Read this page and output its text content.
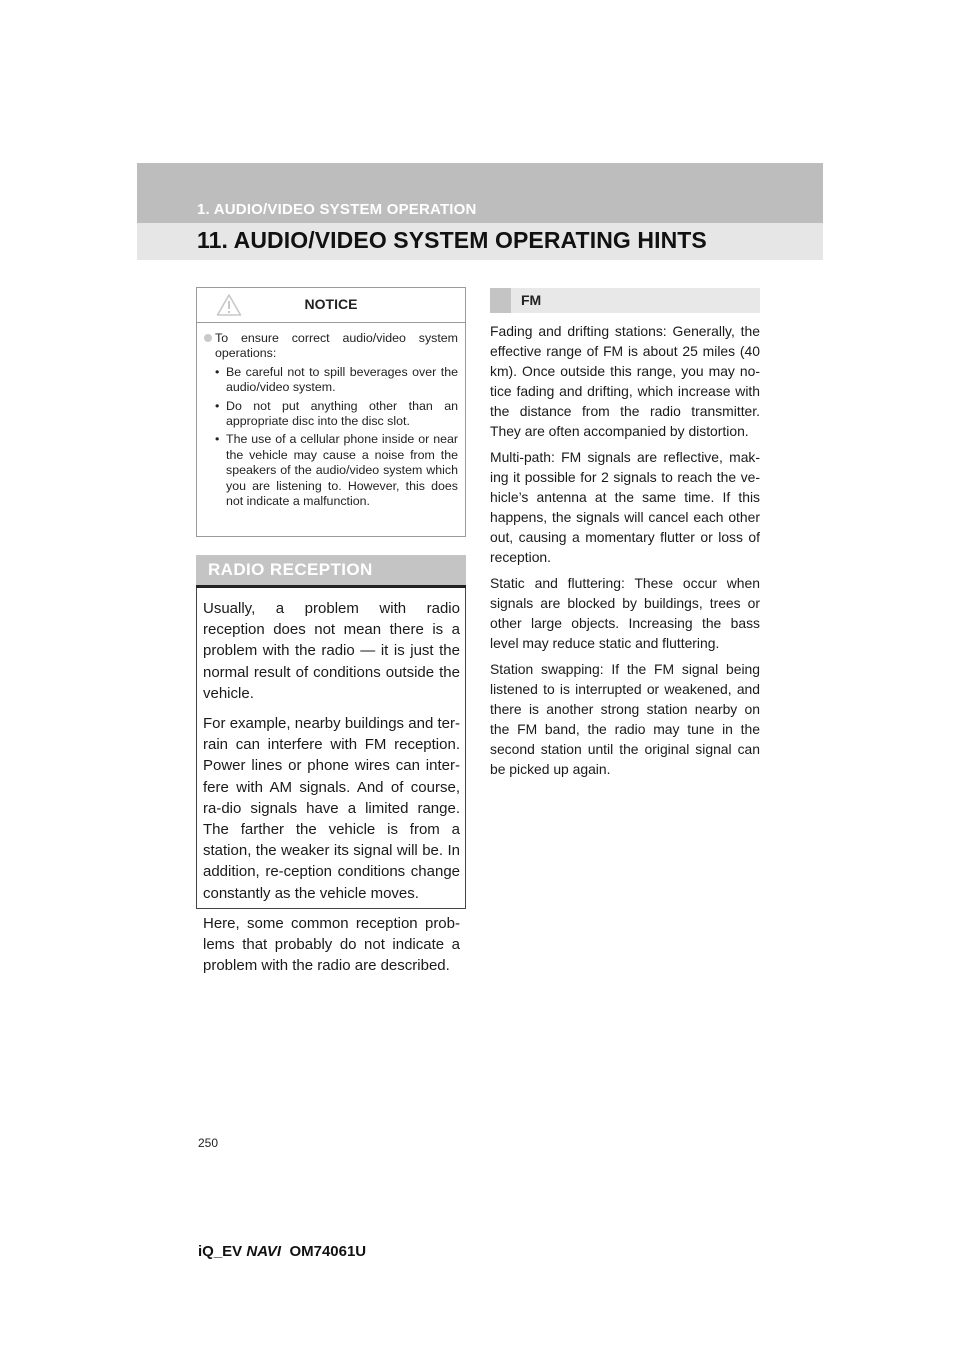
1. AUDIO/VIDEO SYSTEM OPERATION
11. AUDIO/VIDEO SYSTEM OPERATING HINTS
NOTICE
To ensure correct audio/video system operations:
• Be careful not to spill beverages over the audio/video system.
• Do not put anything other than an appropriate disc into the disc slot.
• The use of a cellular phone inside or near the vehicle may cause a noise from the speakers of the audio/video system which you are listening to. However, this does not indicate a malfunction.
RADIO RECEPTION

Usually, a problem with radio reception does not mean there is a problem with the radio — it is just the normal result of conditions outside the vehicle.

For example, nearby buildings and ter-rain can interfere with FM reception. Power lines or phone wires can inter-fere with AM signals. And of course, ra-dio signals have a limited range. The farther the vehicle is from a station, the weaker its signal will be. In addition, re-ception conditions change constantly as the vehicle moves.

Here, some common reception prob-lems that probably do not indicate a problem with the radio are described.

FM

Fading and drifting stations: Generally, the effective range of FM is about 25 miles (40 km). Once outside this range, you may no-tice fading and drifting, which increase with the distance from the radio transmitter. They are often accompanied by distortion.

Multi-path: FM signals are reflective, mak-ing it possible for 2 signals to reach the ve-hicle’s antenna at the same time. If this happens, the signals will cancel each other out, causing a momentary flutter or loss of reception.

Static and fluttering: These occur when signals are blocked by buildings, trees or other large objects. Increasing the bass level may reduce static and fluttering.

Station swapping: If the FM signal being listened to is interrupted or weakened, and there is another strong station nearby on the FM band, the radio may tune in the second station until the original signal can be picked up again.

250
iQ_EV NAVI OM74061U
